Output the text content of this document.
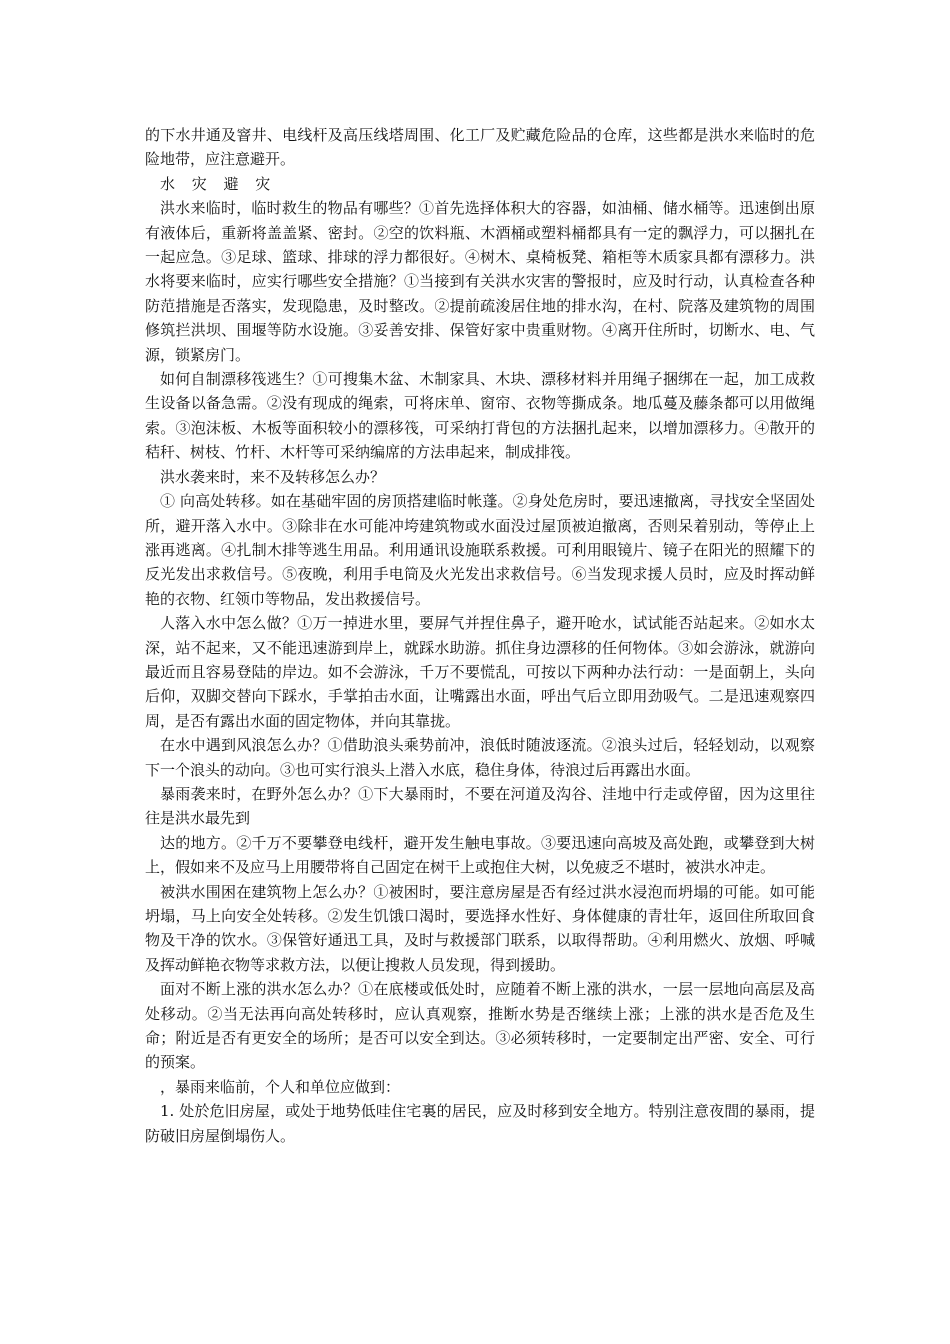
的下水井通及窨井、电线杆及高压线塔周围、化工厂及贮藏危险品的仓库，这些都是洪水来临时的危险地带，应注意避开。

水 灾 避 灾

洪水来临时，临时救生的物品有哪些？①首先选择体积大的容器，如油桶、储水桶等。迅速倒出原有液体后，重新将盖盖紧、密封。②空的饮料瓶、木酒桶或塑料桶都具有一定的飘浮力，可以捆扎在一起应急。③足球、篮球、排球的浮力都很好。④树木、桌椅板凳、箱柜等木质家具都有漂移力。洪水将要来临时，应实行哪些安全措施？①当接到有关洪水灾害的警报时，应及时行动，认真检查各种防范措施是否落实，发现隐患，及时整改。②提前疏浚居住地的排水沟，在村、院落及建筑物的周围修筑拦洪坝、围堰等防水设施。③妥善安排、保管好家中贵重财物。④离开住所时，切断水、电、气源，锁紧房门。

如何自制漂移筏逃生？①可搜集木盆、木制家具、木块、漂移材料并用绳子捆绑在一起，加工成救生设备以备急需。②没有现成的绳索，可将床单、窗帘、衣物等撕成条。地瓜蔓及藤条都可以用做绳索。③泡沫板、木板等面积较小的漂移筏，可采纳打背包的方法捆扎起来，以增加漂移力。④散开的秸秆、树枝、竹杆、木杆等可采纳编席的方法串起来，制成排筏。

洪水袭来时，来不及转移怎么办？

① 向高处转移。如在基础牢固的房顶搭建临时帐蓬。②身处危房时，要迅速撤离，寻找安全坚固处所，避开落入水中。③除非在水可能冲垮建筑物或水面没过屋顶被迫撤离，否则呆着别动，等停止上涨再逃离。④扎制木排等逃生用品。利用通讯设施联系救援。可利用眼镜片、镜子在阳光的照耀下的反光发出求救信号。⑤夜晚，利用手电筒及火光发出求救信号。⑥当发现求援人员时，应及时挥动鲜艳的衣物、红领巾等物品，发出救援信号。

人落入水中怎么做？①万一掉进水里，要屏气并捏住鼻子，避开呛水，试试能否站起来。②如水太深，站不起来，又不能迅速游到岸上，就踩水助游。抓住身边漂移的任何物体。③如会游泳，就游向最近而且容易登陆的岸边。如不会游泳，千万不要慌乱，可按以下两种办法行动：一是面朝上，头向后仰，双脚交替向下踩水，手掌拍击水面，让嘴露出水面，呼出气后立即用劲吸气。二是迅速观察四周，是否有露出水面的固定物体，并向其靠拢。

在水中遇到风浪怎么办？①借助浪头乘势前冲，浪低时随波逐流。②浪头过后，轻轻划动，以观察下一个浪头的动向。③也可实行浪头上潜入水底，稳住身体，待浪过后再露出水面。

暴雨袭来时，在野外怎么办？①下大暴雨时，不要在河道及沟谷、洼地中行走或停留，因为这里往往是洪水最先到

达的地方。②千万不要攀登电线杆，避开发生触电事故。③要迅速向高坡及高处跑，或攀登到大树上，假如来不及应马上用腰带将自己固定在树干上或抱住大树，以免疲乏不堪时，被洪水冲走。

被洪水围困在建筑物上怎么办？①被困时，要注意房屋是否有经过洪水浸泡而坍塌的可能。如可能坍塌，马上向安全处转移。②发生饥饿口渴时，要选择水性好、身体健康的青壮年，返回住所取回食物及干净的饮水。③保管好通迅工具，及时与救援部门联系，以取得帮助。④利用燃火、放烟、呼喊及挥动鲜艳衣物等求救方法，以便让搜救人员发现，得到援助。

面对不断上涨的洪水怎么办？①在底楼或低处时，应随着不断上涨的洪水，一层一层地向高层及高处移动。②当无法再向高处转移时，应认真观察，推断水势是否继续上涨；上涨的洪水是否危及生命；附近是否有更安全的场所；是否可以安全到达。③必须转移时，一定要制定出严密、安全、可行的预案。

，暴雨来临前，个人和单位应做到：

1. 处於危旧房屋，或处于地势低哇住宅裏的居民，应及时移到安全地方。特别注意夜間的暴雨，提防破旧房屋倒塌伤人。
